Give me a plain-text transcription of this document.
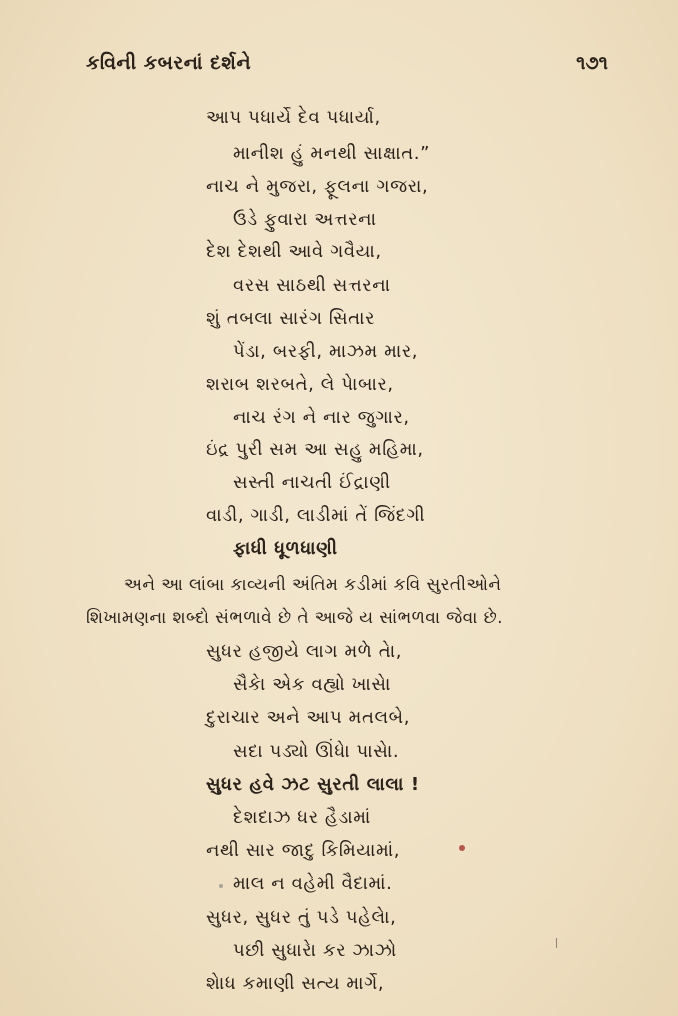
કવિની કબરનાં દર્શને	૧૭૧
આપ પધાર્યે દેવ પધાર્યા,
માનીશ હું મનથી સાક્ષાત.”
નાચ ને મુજરા, ફૂલના ગજરા,
ઉડે ફુવારા અત્તરના
દેશ દેશથી આવે ગવૈયા,
વરસ સાઠથી સત્તરના
શું તબલા સારંગ સિતાર
પેંડા, બરફી, માઝમ માર,
શરાબ શરબતે, લે પેાબાર,
નાચ રંગ ને નાર જુગાર,
ઇંદ્ર પુરી સમ આ સહુ મહિમા,
સસ્તી નાચતી ઈંદ્રાણી
વાડી, ગાડી, લાડીમાં તેં જિંદગી
ફાધી ધૂળધાણી
અને આ લાંબા કાવ્યની અંતિમ કડીમાં કવિ સુરતીઓને
શિખામણના શબ્દો સંભળાવે છે તે આજે ય સાંભળવા જેવા છે.
સુધર હજીયે લાગ મળે તેા,
સૈકેા એક વહ્યો ખાસેા
દુરાચાર અને આપ મતલબે,
સદા પડ્યો ઊંધેા પાસેા.
સુધર હવે ઝટ સુરતી લાલા !
દેશદાઝ ધર હૈડામાં
નથી સાર જાદુ કિમિયામાં,
માલ ન વહેમી વૈદામાં.
સુધર, સુધર તું પડે પહેલેા,
પછી સુધારેા કર ઝાઝો
શેાધ કમાણી સત્ય માર્ગે,
